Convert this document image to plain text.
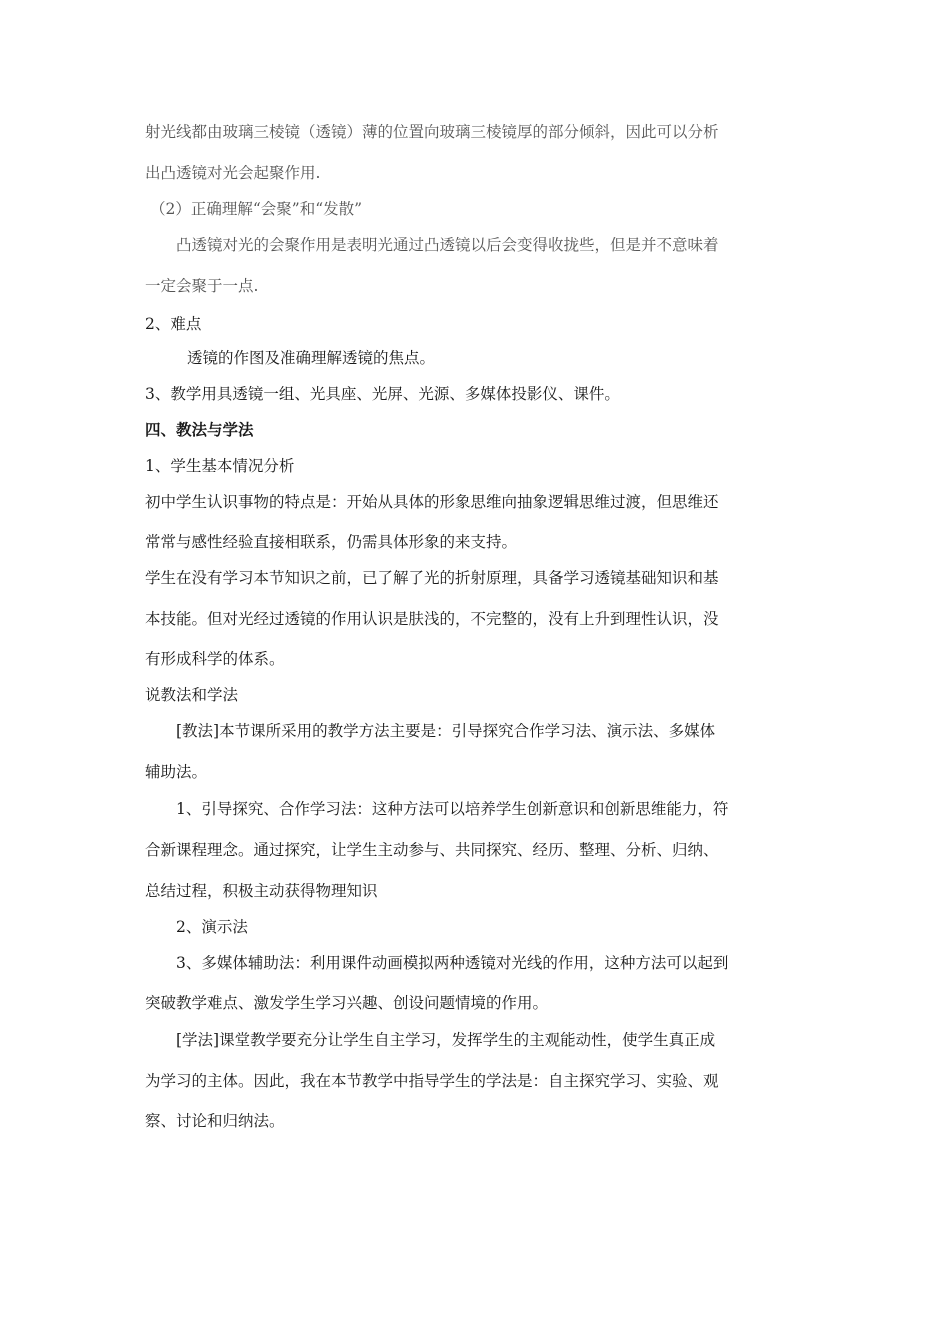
射光线都由玻璃三棱镜（透镜）薄的位置向玻璃三棱镜厚的部分倾斜，因此可以分析
出凸透镜对光会起聚作用.
（2）正确理解“会聚”和“发散”
凸透镜对光的会聚作用是表明光通过凸透镜以后会变得收拢些，但是并不意味着
一定会聚于一点.
2、难点
透镜的作图及准确理解透镜的焦点。
3、教学用具透镜一组、光具座、光屏、光源、多媒体投影仪、课件。
四、教法与学法
1、学生基本情况分析
初中学生认识事物的特点是：开始从具体的形象思维向抽象逻辑思维过渡，但思维还
常常与感性经验直接相联系，仍需具体形象的来支持。
学生在没有学习本节知识之前，已了解了光的折射原理，具备学习透镜基础知识和基
本技能。但对光经过透镜的作用认识是肤浅的，不完整的，没有上升到理性认识，没
有形成科学的体系。
说教法和学法
[教法]本节课所采用的教学方法主要是：引导探究合作学习法、演示法、多媒体
辅助法。
1、引导探究、合作学习法：这种方法可以培养学生创新意识和创新思维能力，符
合新课程理念。通过探究，让学生主动参与、共同探究、经历、整理、分析、归纳、
总结过程，积极主动获得物理知识
2、演示法
3、多媒体辅助法：利用课件动画模拟两种透镜对光线的作用，这种方法可以起到
突破教学难点、激发学生学习兴趣、创设问题情境的作用。
[学法]课堂教学要充分让学生自主学习，发挥学生的主观能动性，使学生真正成
为学习的主体。因此，我在本节教学中指导学生的学法是：自主探究学习、实验、观
察、讨论和归纳法。
